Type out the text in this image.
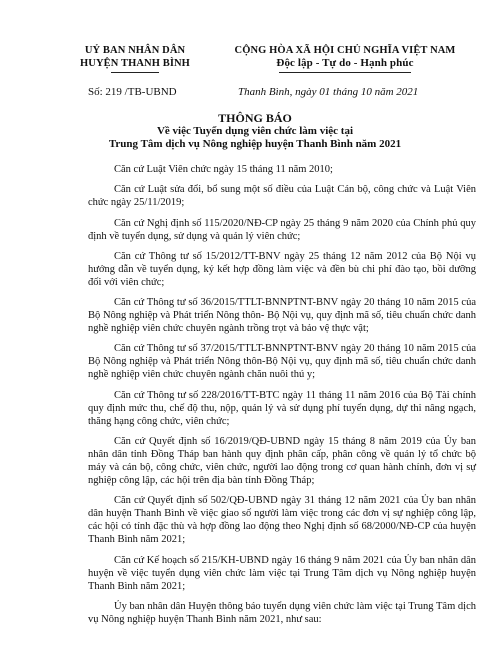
UỶ BAN NHÂN DÂN
HUYỆN THANH BÌNH
CỘNG HÒA XÃ HỘI CHỦ NGHĨA VIỆT NAM
Độc lập - Tự do - Hạnh phúc
Số: 219 /TB-UBND	Thanh Bình, ngày 01 tháng 10 năm 2021
THÔNG BÁO
Về việc Tuyển dụng viên chức làm việc tại
Trung Tâm dịch vụ Nông nghiệp huyện Thanh Bình năm 2021

Căn cứ Luật Viên chức ngày 15 tháng 11 năm 2010;

Căn cứ Luật sửa đổi, bổ sung một số điều của Luật Cán bộ, công chức và Luật Viên chức ngày 25/11/2019;

Căn cứ Nghị định số 115/2020/NĐ-CP ngày 25 tháng 9 năm 2020 của Chính phủ quy định về tuyển dụng, sử dụng và quản lý viên chức;

Căn cứ Thông tư số 15/2012/TT-BNV ngày 25 tháng 12 năm 2012 của Bộ Nội vụ hướng dẫn về tuyển dụng, ký kết hợp đồng làm việc và đền bù chi phí đào tạo, bồi dưỡng đối với viên chức;

Căn cứ Thông tư số 36/2015/TTLT-BNNPTNT-BNV ngày 20 tháng 10 năm 2015 của Bộ Nông nghiệp và Phát triển Nông thôn- Bộ Nội vụ, quy định mã số, tiêu chuẩn chức danh nghề nghiệp viên chức chuyên ngành trồng trọt và bảo vệ thực vật;

Căn cứ Thông tư số 37/2015/TTLT-BNNPTNT-BNV ngày 20 tháng 10 năm 2015 của Bộ Nông nghiệp và Phát triển Nông thôn-Bộ Nội vụ, quy định mã số, tiêu chuẩn chức danh nghề nghiệp viên chức chuyên ngành chăn nuôi thú y;

Căn cứ Thông tư số 228/2016/TT-BTC ngày 11 tháng 11 năm 2016 của Bộ Tài chính quy định mức thu, chế độ thu, nộp, quản lý và sử dụng phí tuyển dụng, dự thi nâng ngạch, thăng hạng công chức, viên chức;

Căn cứ Quyết định số 16/2019/QĐ-UBND ngày 15 tháng 8 năm 2019 của Ủy ban nhân dân tỉnh Đồng Tháp ban hành quy định phân cấp, phân công về quản lý tổ chức bộ máy và cán bộ, công chức, viên chức, người lao động trong cơ quan hành chính, đơn vị sự nghiệp công lập, các hội trên địa bàn tỉnh Đồng Tháp;

Căn cứ Quyết định số 502/QĐ-UBND ngày 31 tháng 12 năm 2021 của Ủy ban nhân dân huyện Thanh Bình về việc giao số người làm việc trong các đơn vị sự nghiệp công lập, các hội có tính đặc thù và hợp đồng lao động theo Nghị định số 68/2000/NĐ-CP của huyện Thanh Bình năm 2021;

Căn cứ Kế hoạch số 215/KH-UBND ngày 16 tháng 9 năm 2021 của Ủy ban nhân dân huyện về việc tuyển dụng viên chức làm việc tại Trung Tâm dịch vụ Nông nghiệp huyện Thanh Bình năm 2021;

Ủy ban nhân dân Huyện thông báo tuyển dụng viên chức làm việc tại Trung Tâm dịch vụ Nông nghiệp huyện Thanh Bình năm 2021, như sau:
